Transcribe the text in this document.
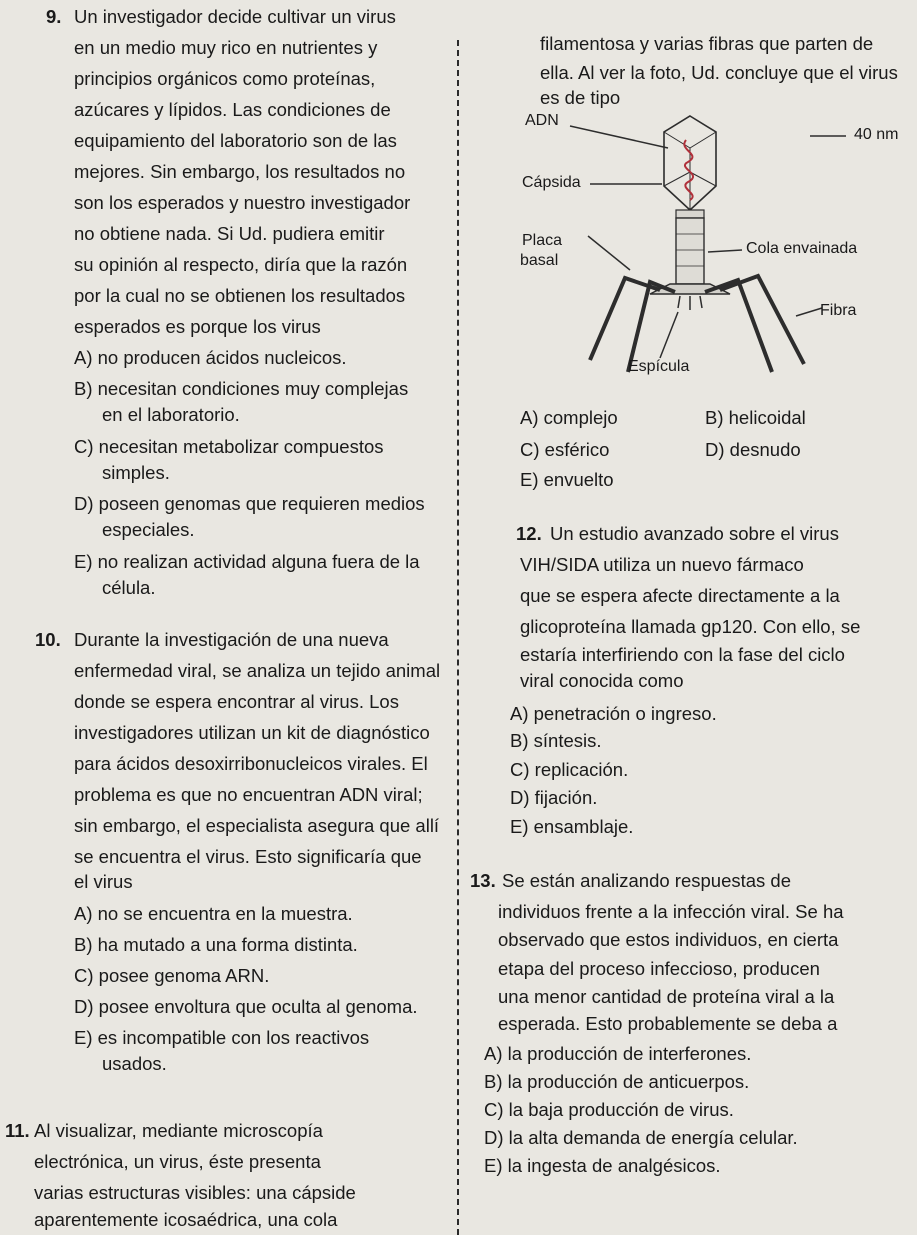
9. Un investigador decide cultivar un virus
en un medio muy rico en nutrientes y
principios orgánicos como proteínas,
azúcares y lípidos. Las condiciones de
equipamiento del laboratorio son de las
mejores. Sin embargo, los resultados no
son los esperados y nuestro investigador
no obtiene nada. Si Ud. pudiera emitir
su opinión al respecto, diría que la razón
por la cual no se obtienen los resultados
esperados es porque los virus
A) no producen ácidos nucleicos.
B) necesitan condiciones muy complejas
en el laboratorio.
C) necesitan metabolizar compuestos
simples.
D) poseen genomas que requieren medios
especiales.
E) no realizan actividad alguna fuera de la
célula.
10. Durante la investigación de una nueva
enfermedad viral, se analiza un tejido animal
donde se espera encontrar al virus. Los
investigadores utilizan un kit de diagnóstico
para ácidos desoxirribonucleicos virales. El
problema es que no encuentran ADN viral;
sin embargo, el especialista asegura que allí
se encuentra el virus. Esto significaría que
el virus
A) no se encuentra en la muestra.
B) ha mutado a una forma distinta.
C) posee genoma ARN.
D) posee envoltura que oculta al genoma.
E) es incompatible con los reactivos
usados.
11. Al visualizar, mediante microscopía
electrónica, un virus, éste presenta
varias estructuras visibles: una cápside
aparentemente icosaédrica, una cola
filamentosa y varias fibras que parten de
ella. Al ver la foto, Ud. concluye que el virus
es de tipo
ADN
40 nm
Cápsida
Placa
basal
Cola envainada
Fibra
Espícula
A) complejo	B) helicoidal
C) esférico	D) desnudo
E) envuelto
12. Un estudio avanzado sobre el virus
VIH/SIDA utiliza un nuevo fármaco
que se espera afecte directamente a la
glicoproteína llamada gp120. Con ello, se
estaría interfiriendo con la fase del ciclo
viral conocida como
A) penetración o ingreso.
B) síntesis.
C) replicación.
D) fijación.
E) ensamblaje.
13. Se están analizando respuestas de
individuos frente a la infección viral. Se ha
observado que estos individuos, en cierta
etapa del proceso infeccioso, producen
una menor cantidad de proteína viral a la
esperada. Esto probablemente se deba a
A) la producción de interferones.
B) la producción de anticuerpos.
C) la baja producción de virus.
D) la alta demanda de energía celular.
E) la ingesta de analgésicos.
